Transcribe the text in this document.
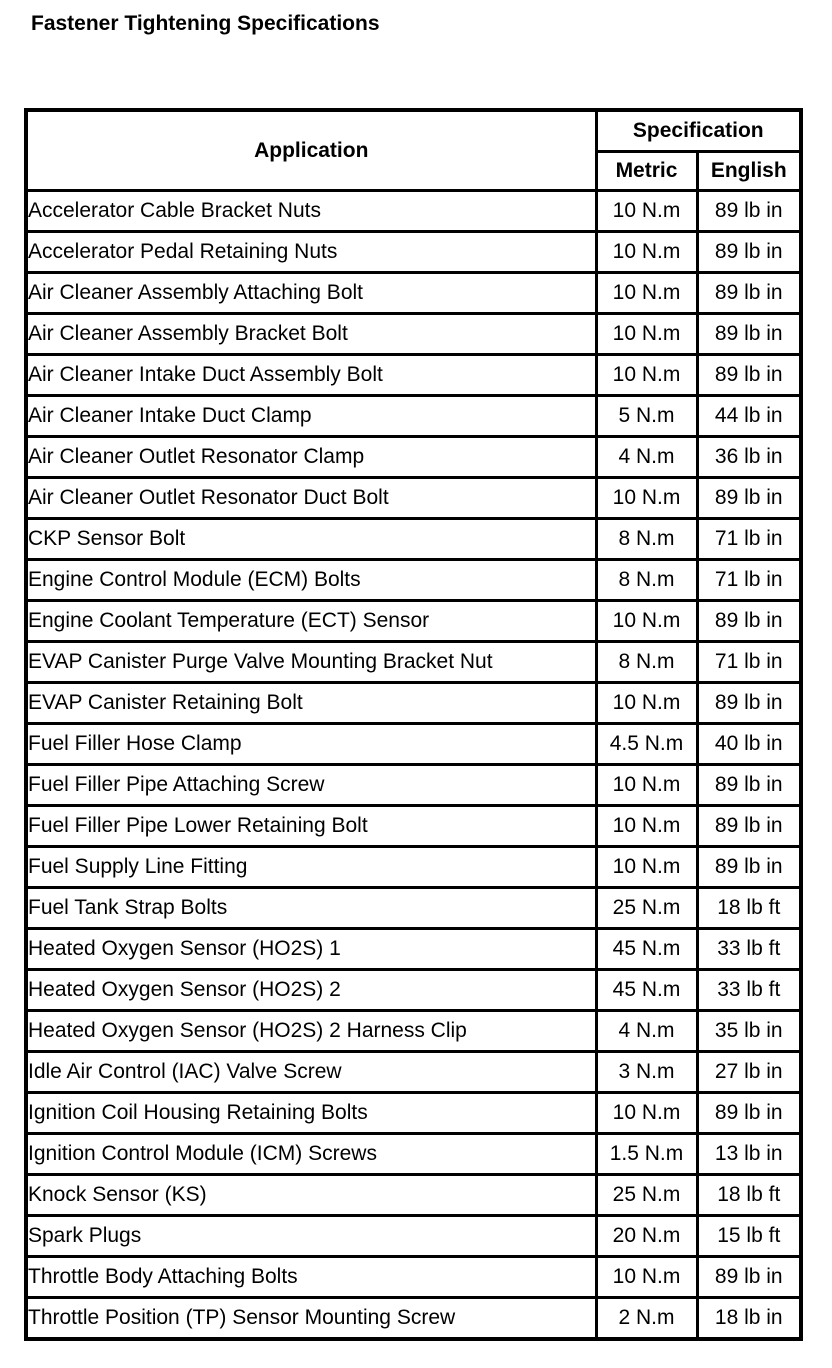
Fastener Tightening Specifications
Application	Specification	
	Metric	English
Accelerator Cable Bracket Nuts	10 N.m	89 lb in
Accelerator Pedal Retaining Nuts	10 N.m	89 lb in
Air Cleaner Assembly Attaching Bolt	10 N.m	89 lb in
Air Cleaner Assembly Bracket Bolt	10 N.m	89 lb in
Air Cleaner Intake Duct Assembly Bolt	10 N.m	89 lb in
Air Cleaner Intake Duct Clamp	5 N.m	44 lb in
Air Cleaner Outlet Resonator Clamp	4 N.m	36 lb in
Air Cleaner Outlet Resonator Duct Bolt	10 N.m	89 lb in
CKP Sensor Bolt	8 N.m	71 lb in
Engine Control Module (ECM) Bolts	8 N.m	71 lb in
Engine Coolant Temperature (ECT) Sensor	10 N.m	89 lb in
EVAP Canister Purge Valve Mounting Bracket Nut	8 N.m	71 lb in
EVAP Canister Retaining Bolt	10 N.m	89 lb in
Fuel Filler Hose Clamp	4.5 N.m	40 lb in
Fuel Filler Pipe Attaching Screw	10 N.m	89 lb in
Fuel Filler Pipe Lower Retaining Bolt	10 N.m	89 lb in
Fuel Supply Line Fitting	10 N.m	89 lb in
Fuel Tank Strap Bolts	25 N.m	18 lb ft
Heated Oxygen Sensor (HO2S) 1	45 N.m	33 lb ft
Heated Oxygen Sensor (HO2S) 2	45 N.m	33 lb ft
Heated Oxygen Sensor (HO2S) 2 Harness Clip	4 N.m	35 lb in
Idle Air Control (IAC) Valve Screw	3 N.m	27 lb in
Ignition Coil Housing Retaining Bolts	10 N.m	89 lb in
Ignition Control Module (ICM) Screws	1.5 N.m	13 lb in
Knock Sensor (KS)	25 N.m	18 lb ft
Spark Plugs	20 N.m	15 lb ft
Throttle Body Attaching Bolts	10 N.m	89 lb in
Throttle Position (TP) Sensor Mounting Screw	2 N.m	18 lb in
